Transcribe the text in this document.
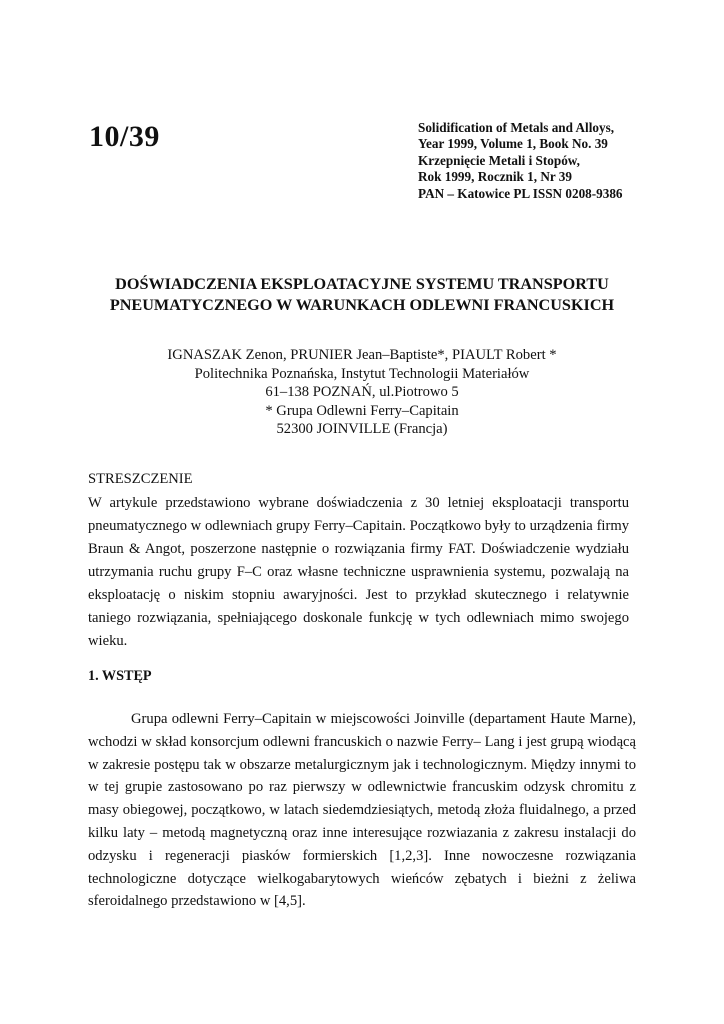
10/39	Solidification of Metals and Alloys,
Year 1999, Volume 1, Book No. 39
Krzepnięcie Metali i Stopów,
Rok 1999, Rocznik 1, Nr 39
PAN – Katowice PL ISSN 0208-9386
DOŚWIADCZENIA EKSPLOATACYJNE SYSTEMU TRANSPORTU
PNEUMATYCZNEGO W WARUNKACH ODLEWNI FRANCUSKICH
IGNASZAK Zenon, PRUNIER Jean–Baptiste*, PIAULT Robert *
Politechnika Poznańska, Instytut Technologii Materiałów
61–138 POZNAŃ, ul.Piotrowo 5
* Grupa Odlewni Ferry–Capitain
52300 JOINVILLE (Francja)
STRESZCZENIE

W artykule przedstawiono wybrane doświadczenia z 30 letniej eksploatacji transportu pneumatycznego w odlewniach grupy Ferry–Capitain. Początkowo były to urządzenia firmy Braun & Angot, poszerzone następnie o rozwiązania firmy FAT. Doświadczenie wydziału utrzymania ruchu grupy F–C oraz własne techniczne usprawnienia systemu, pozwalają na eksploatację o niskim stopniu awaryjności. Jest to przykład skutecznego i relatywnie taniego rozwiązania, spełniającego doskonale funkcję w tych odlewniach mimo swojego wieku.

1. WSTĘP

Grupa odlewni Ferry–Capitain w miejscowości Joinville (departament Haute Marne), wchodzi w skład konsorcjum odlewni francuskich o nazwie Ferry– Lang i jest grupą wiodącą w zakresie postępu tak w obszarze metalurgicznym jak i technologicznym. Między innymi to w tej grupie zastosowano po raz pierwszy w odlewnictwie francuskim odzysk chromitu z masy obiegowej, początkowo, w latach siedemdziesiątych, metodą złoża fluidalnego, a przed kilku laty – metodą magnetyczną oraz inne interesujące rozwiazania z zakresu instalacji do odzysku i regeneracji piasków formierskich [1,2,3]. Inne nowoczesne rozwiązania technologiczne dotyczące wielkogabarytowych wieńców zębatych i bieżni z żeliwa sferoidalnego przedstawiono w [4,5].
